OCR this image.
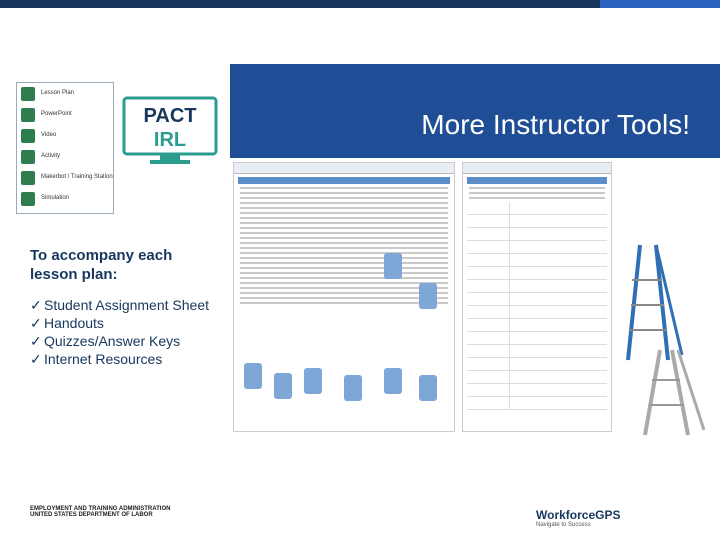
Lesson Plan
PowerPoint
Video
Activity
Makerbot / Training Station
Simulation
PACT
IRL	More Instructor Tools!
To accompany each lesson plan:
✓ Student Assignment Sheet
✓ Handouts
✓ Quizzes/Answer Keys
✓ Internet Resources
EMPLOYMENT AND TRAINING ADMINISTRATION
UNITED STATES DEPARTMENT OF LABOR	WorkforceGPS
Navigate to Success
